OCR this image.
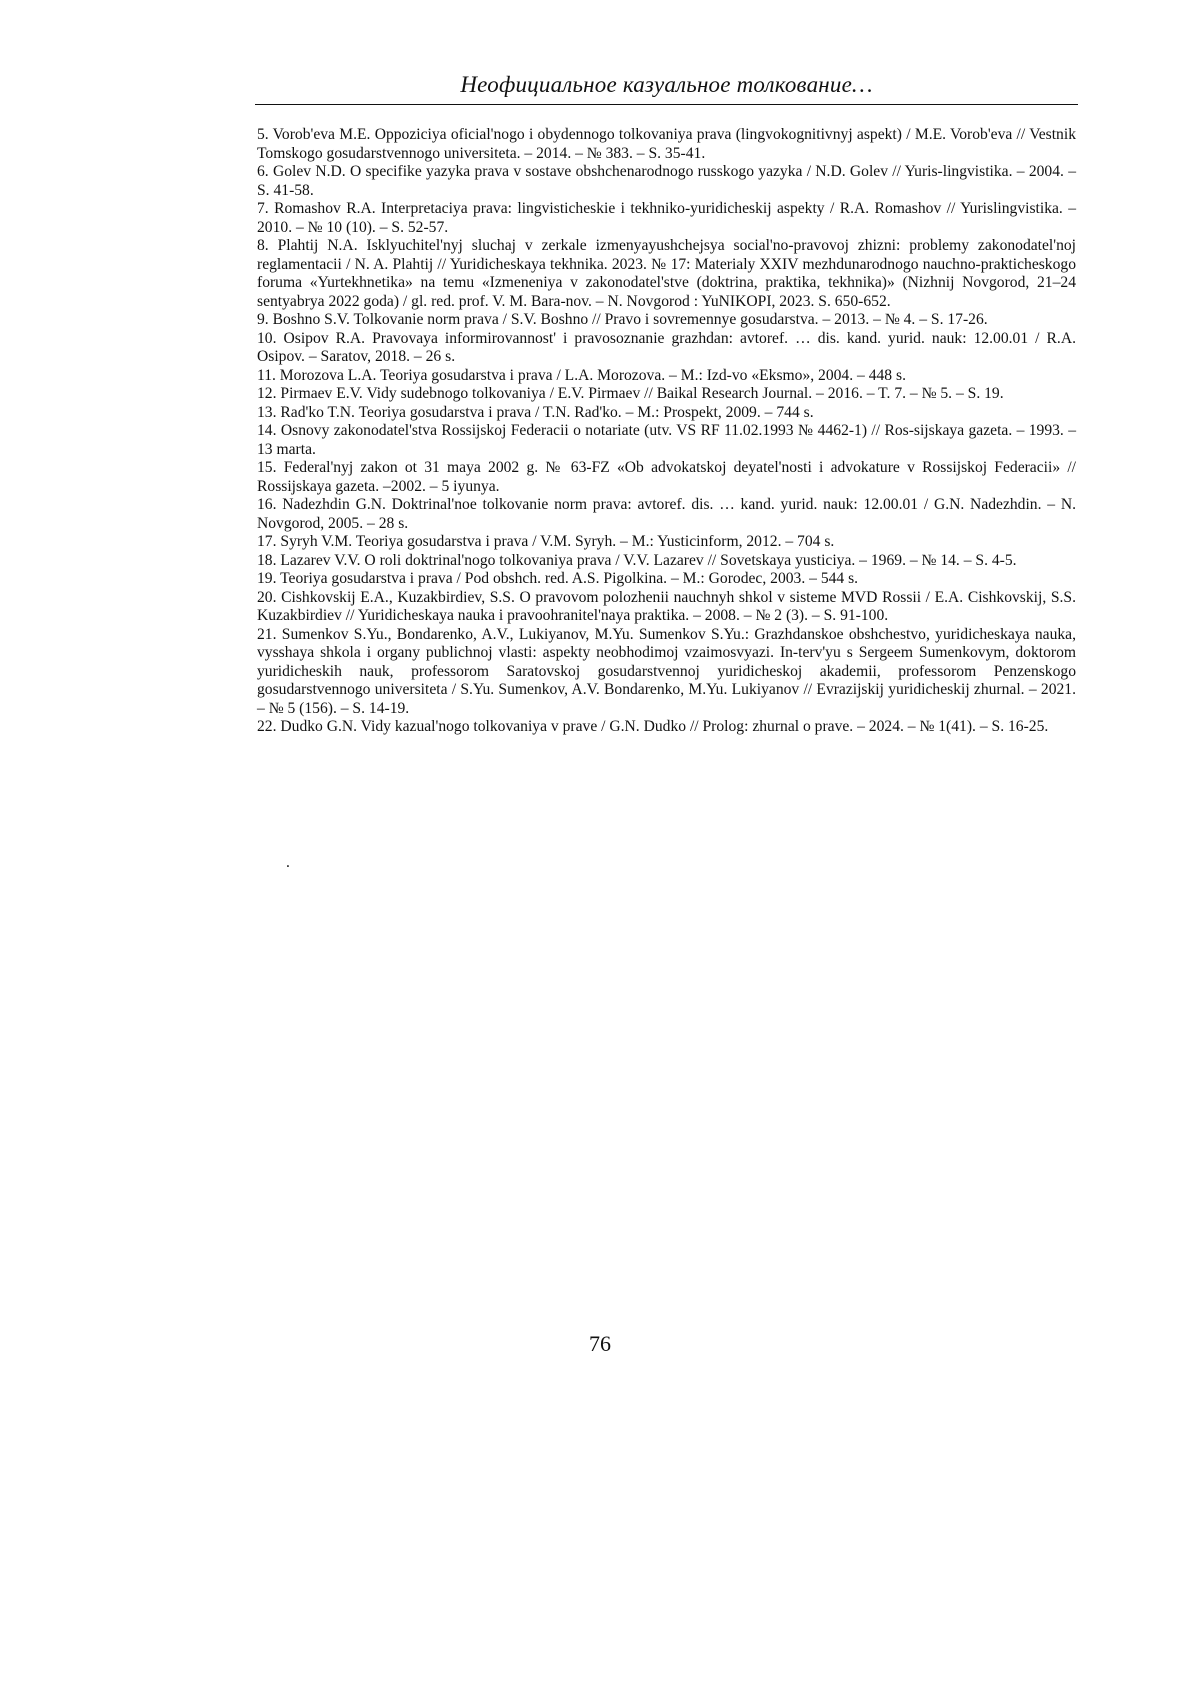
Неофициальное казуальное толкование…
5. Vorob'eva M.E. Oppoziciya oficial'nogo i obydennogo tolkovaniya prava (lingvokognitivnyj aspekt) / M.E. Vorob'eva // Vestnik Tomskogo gosudarstvennogo universiteta. – 2014. – № 383. – S. 35-41.
6. Golev N.D. O specifike yazyka prava v sostave obshchenarodnogo russkogo yazyka / N.D. Golev // Yuris-lingvistika. – 2004. – S. 41-58.
7. Romashov R.A. Interpretaciya prava: lingvisticheskie i tekhniko-yuridicheskij aspekty / R.A. Romashov // Yurislingvistika. – 2010. – № 10 (10). – S. 52-57.
8. Plahtij N.A. Isklyuchitel'nyj sluchaj v zerkale izmenyayushchejsya social'no-pravovoj zhizni: problemy zakonodatel'noj reglamentacii / N. A. Plahtij // Yuridicheskaya tekhnika. 2023. № 17: Materialy XXIV mezhdunarodnogo nauchno-prakticheskogo foruma «Yurtekhnetika» na temu «Izmeneniya v zakonodatel'stve (doktrina, praktika, tekhnika)» (Nizhnij Novgorod, 21–24 sentyabrya 2022 goda) / gl. red. prof. V. M. Bara-nov. – N. Novgorod : YuNIKOPI, 2023. S. 650-652.
9. Boshno S.V. Tolkovanie norm prava / S.V. Boshno // Pravo i sovremennye gosudarstva. – 2013. – № 4. – S. 17-26.
10. Osipov R.A. Pravovaya informirovannost' i pravosoznanie grazhdan: avtoref. … dis. kand. yurid. nauk: 12.00.01 / R.A. Osipov. – Saratov, 2018. – 26 s.
11. Morozova L.A. Teoriya gosudarstva i prava / L.A. Morozova. – M.: Izd-vo «Eksmo», 2004. – 448 s.
12. Pirmaev E.V. Vidy sudebnogo tolkovaniya / E.V. Pirmaev // Baikal Research Journal. – 2016. – T. 7. – № 5. – S. 19.
13. Rad'ko T.N. Teoriya gosudarstva i prava / T.N. Rad'ko. – M.: Prospekt, 2009. – 744 s.
14. Osnovy zakonodatel'stva Rossijskoj Federacii o notariate (utv. VS RF 11.02.1993 № 4462-1) // Ros-sijskaya gazeta. – 1993. – 13 marta.
15. Federal'nyj zakon ot 31 maya 2002 g. № 63-FZ «Ob advokatskoj deyatel'nosti i advokature v Rossijskoj Federacii» // Rossijskaya gazeta. –2002. – 5 iyunya.
16. Nadezhdin G.N. Doktrinal'noe tolkovanie norm prava: avtoref. dis. … kand. yurid. nauk: 12.00.01 / G.N. Nadezhdin. – N. Novgorod, 2005. – 28 s.
17. Syryh V.M. Teoriya gosudarstva i prava / V.M. Syryh. – M.: Yusticinform, 2012. – 704 s.
18. Lazarev V.V. O roli doktrinal'nogo tolkovaniya prava / V.V. Lazarev // Sovetskaya yusticiya. – 1969. – № 14. – S. 4-5.
19. Teoriya gosudarstva i prava / Pod obshch. red. A.S. Pigolkina. – M.: Gorodec, 2003. – 544 s.
20. Cishkovskij E.A., Kuzakbirdiev, S.S. O pravovom polozhenii nauchnyh shkol v sisteme MVD Rossii / E.A. Cishkovskij, S.S. Kuzakbirdiev // Yuridicheskaya nauka i pravoohranitel'naya praktika. – 2008. – № 2 (3). – S. 91-100.
21. Sumenkov S.Yu., Bondarenko, A.V., Lukiyanov, M.Yu. Sumenkov S.Yu.: Grazhdanskoe obshchestvo, yuridicheskaya nauka, vysshaya shkola i organy publichnoj vlasti: aspekty neobhodimoj vzaimosvyazi. In-terv'yu s Sergeem Sumenkovym, doktorom yuridicheskih nauk, professorom Saratovskoj gosudarstvennoj yuridicheskoj akademii, professorom Penzenskogo gosudarstvennogo universiteta / S.Yu. Sumenkov, A.V. Bondarenko, M.Yu. Lukiyanov // Evrazijskij yuridicheskij zhurnal. – 2021. – № 5 (156). – S. 14-19.
22. Dudko G.N. Vidy kazual'nogo tolkovaniya v prave / G.N. Dudko // Prolog: zhurnal o prave. – 2024. – № 1(41). – S. 16-25.
.
76
